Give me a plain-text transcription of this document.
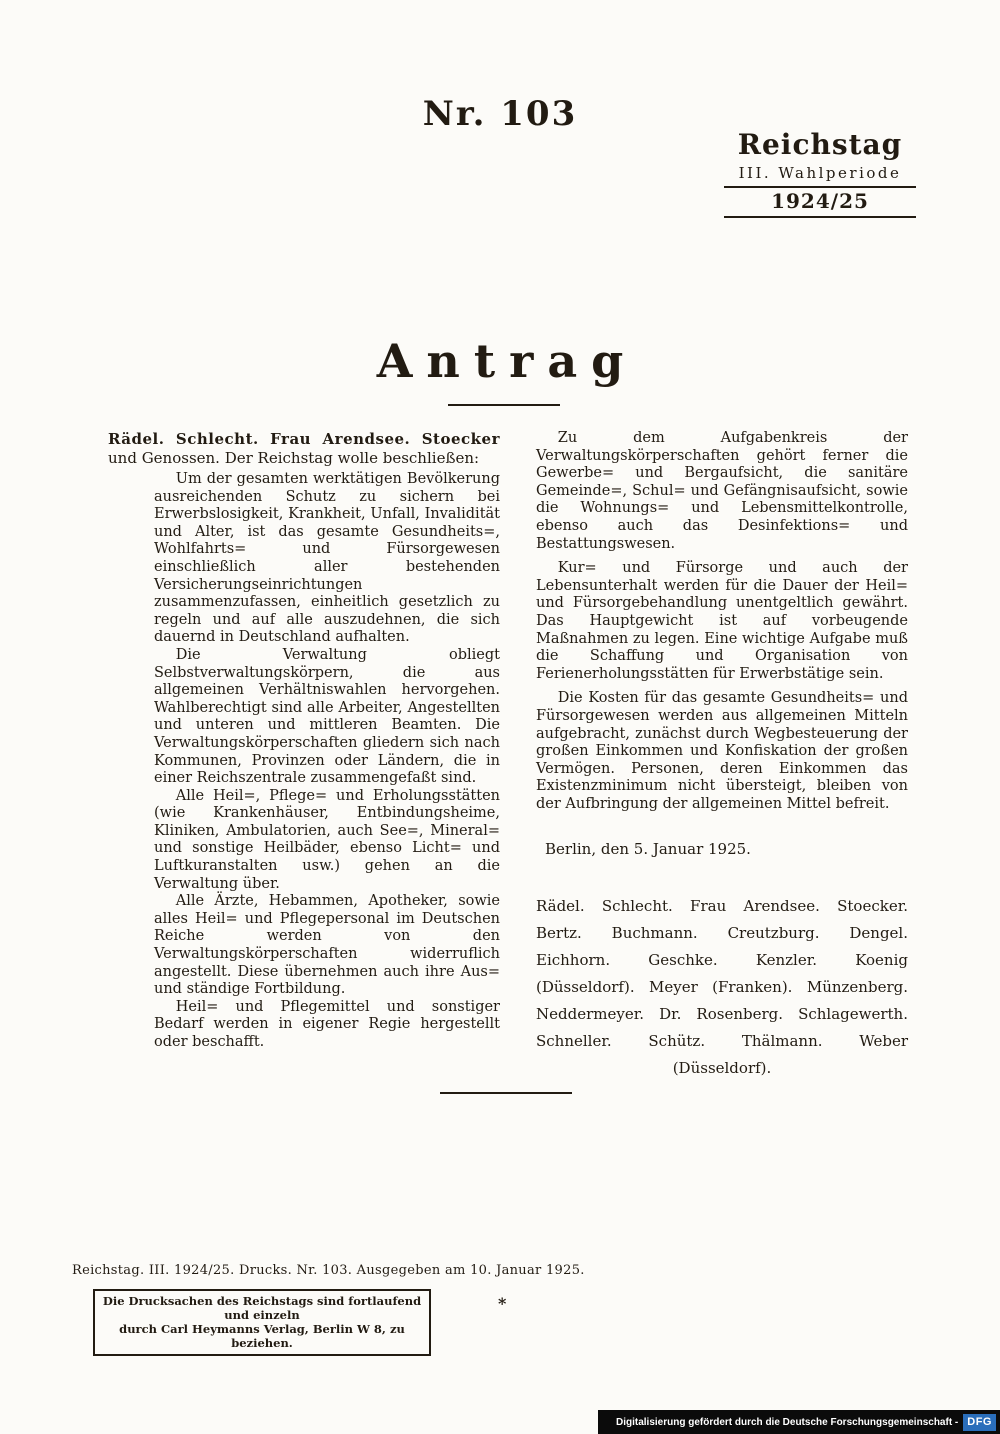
Nr. 103
Reichstag
III. Wahlperiode
1924/25
Antrag
Rädel. Schlecht. Frau Arendsee. Stoecker
und Genossen. Der Reichstag wolle beschließen:

Um der gesamten werktätigen Bevölkerung ausreichenden Schutz zu sichern bei Erwerbslosigkeit, Krankheit, Unfall, Invalidität und Alter, ist das gesamte Gesundheits=, Wohlfahrts= und Fürsorgewesen einschließlich aller bestehenden Versicherungseinrichtungen zusammenzufassen, einheitlich gesetzlich zu regeln und auf alle auszudehnen, die sich dauernd in Deutschland aufhalten.

Die Verwaltung obliegt Selbstverwaltungskörpern, die aus allgemeinen Verhältniswahlen hervorgehen. Wahlberechtigt sind alle Arbeiter, Angestellten und unteren und mittleren Beamten. Die Verwaltungskörperschaften gliedern sich nach Kommunen, Provinzen oder Ländern, die in einer Reichszentrale zusammengefaßt sind.

Alle Heil=, Pflege= und Erholungsstätten (wie Krankenhäuser, Entbindungsheime, Kliniken, Ambulatorien, auch See=, Mineral= und sonstige Heilbäder, ebenso Licht= und Luftkuranstalten usw.) gehen an die Verwaltung über.

Alle Ärzte, Hebammen, Apotheker, sowie alles Heil= und Pflegepersonal im Deutschen Reiche werden von den Verwaltungskörperschaften widerruflich angestellt. Diese übernehmen auch ihre Aus= und ständige Fortbildung.

Heil= und Pflegemittel und sonstiger Bedarf werden in eigener Regie hergestellt oder beschafft.

Zu dem Aufgabenkreis der Verwaltungskörperschaften gehört ferner die Gewerbe= und Bergaufsicht, die sanitäre Gemeinde=, Schul= und Gefängnisaufsicht, sowie die Wohnungs= und Lebensmittelkontrolle, ebenso auch das Desinfektions= und Bestattungswesen.

Kur= und Fürsorge und auch der Lebensunterhalt werden für die Dauer der Heil= und Fürsorgebehandlung unentgeltlich gewährt. Das Hauptgewicht ist auf vorbeugende Maßnahmen zu legen. Eine wichtige Aufgabe muß die Schaffung und Organisation von Ferienerholungsstätten für Erwerbstätige sein.

Die Kosten für das gesamte Gesundheits= und Fürsorgewesen werden aus allgemeinen Mitteln aufgebracht, zunächst durch Wegbesteuerung der großen Einkommen und Konfiskation der großen Vermögen. Personen, deren Einkommen das Existenzminimum nicht übersteigt, bleiben von der Aufbringung der allgemeinen Mittel befreit.

Berlin, den 5. Januar 1925.
Rädel. Schlecht. Frau Arendsee. Stoecker. Bertz. Buchmann. Creutzburg. Dengel. Eichhorn.	Geschke.	Kenzler.	Koenig (Düsseldorf). Meyer (Franken). Münzenberg. Neddermeyer. Dr. Rosenberg. Schlagewerth. Schneller. Schütz. Thälmann. Weber (Düsseldorf).
Reichstag. III. 1924/25. Drucks. Nr. 103. Ausgegeben am 10. Januar 1925.
Die Drucksachen des Reichstags sind fortlaufend und einzeln
durch Carl Heymanns Verlag, Berlin W 8, zu beziehen.
*
Digitalisierung gefördert durch die Deutsche Forschungsgemeinschaft - DFG
